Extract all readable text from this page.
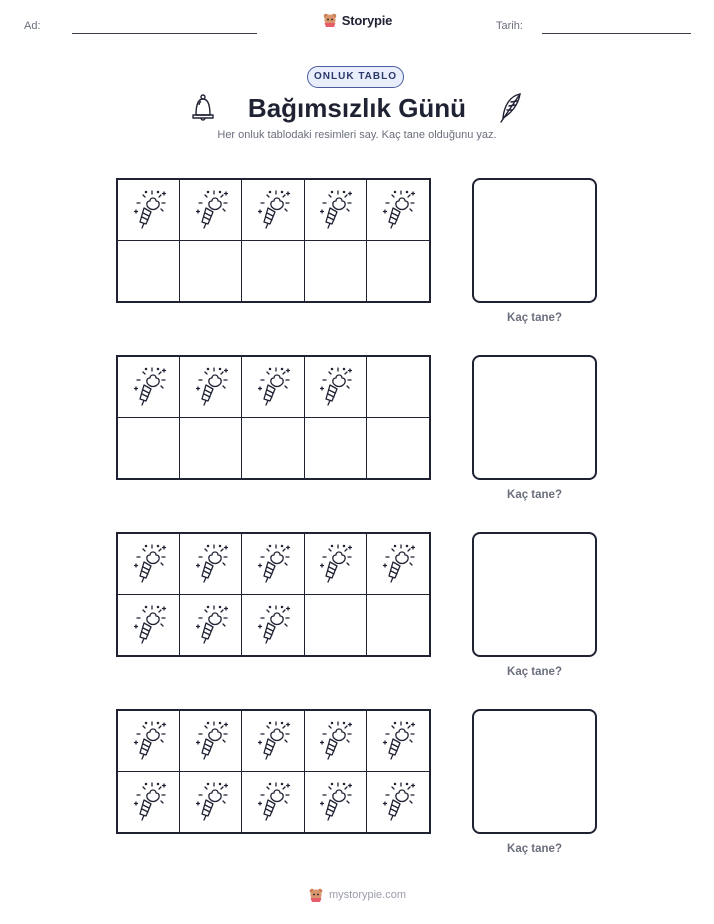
Ad:	Storypie	Tarih:
ONLUK TABLO
Bağımsızlık Günü
Her onluk tablodaki resimleri say. Kaç tane olduğunu yaz.
Kaç tane?
Kaç tane?
Kaç tane?
Kaç tane?
mystorypie.com
